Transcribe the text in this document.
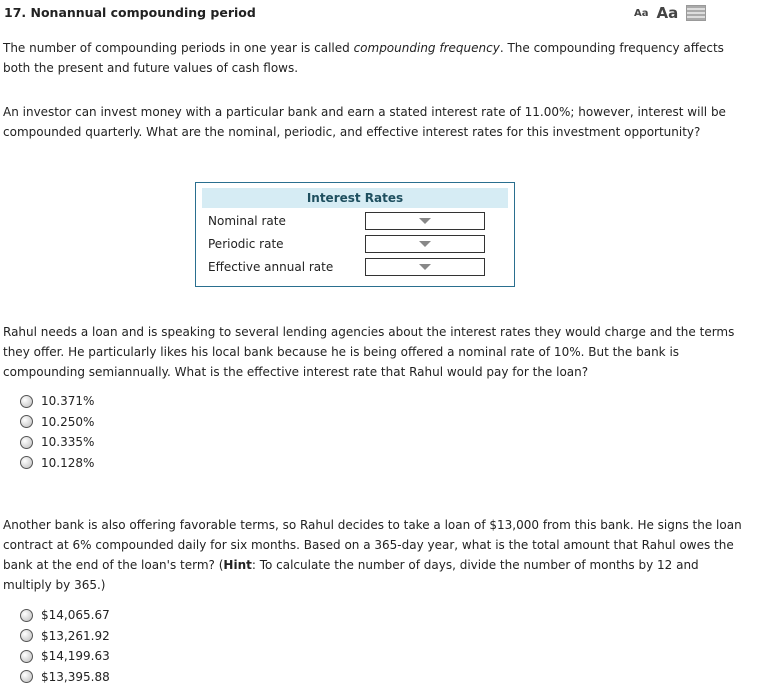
17. Nonannual compounding period	Aa Aa
The number of compounding periods in one year is called compounding frequency. The compounding frequency affects both the present and future values of cash flows.
An investor can invest money with a particular bank and earn a stated interest rate of 11.00%; however, interest will be compounded quarterly. What are the nominal, periodic, and effective interest rates for this investment opportunity?
Interest Rates	
Nominal rate	

Periodic rate	

Effective annual rate	
Rahul needs a loan and is speaking to several lending agencies about the interest rates they would charge and the terms they offer. He particularly likes his local bank because he is being offered a nominal rate of 10%. But the bank is compounding semiannually. What is the effective interest rate that Rahul would pay for the loan?
10.371%
10.250%
10.335%
10.128%
Another bank is also offering favorable terms, so Rahul decides to take a loan of $13,000 from this bank. He signs the loan contract at 6% compounded daily for six months. Based on a 365-day year, what is the total amount that Rahul owes the bank at the end of the loan's term? (Hint: To calculate the number of days, divide the number of months by 12 and multiply by 365.)
$14,065.67
$13,261.92
$14,199.63
$13,395.88
